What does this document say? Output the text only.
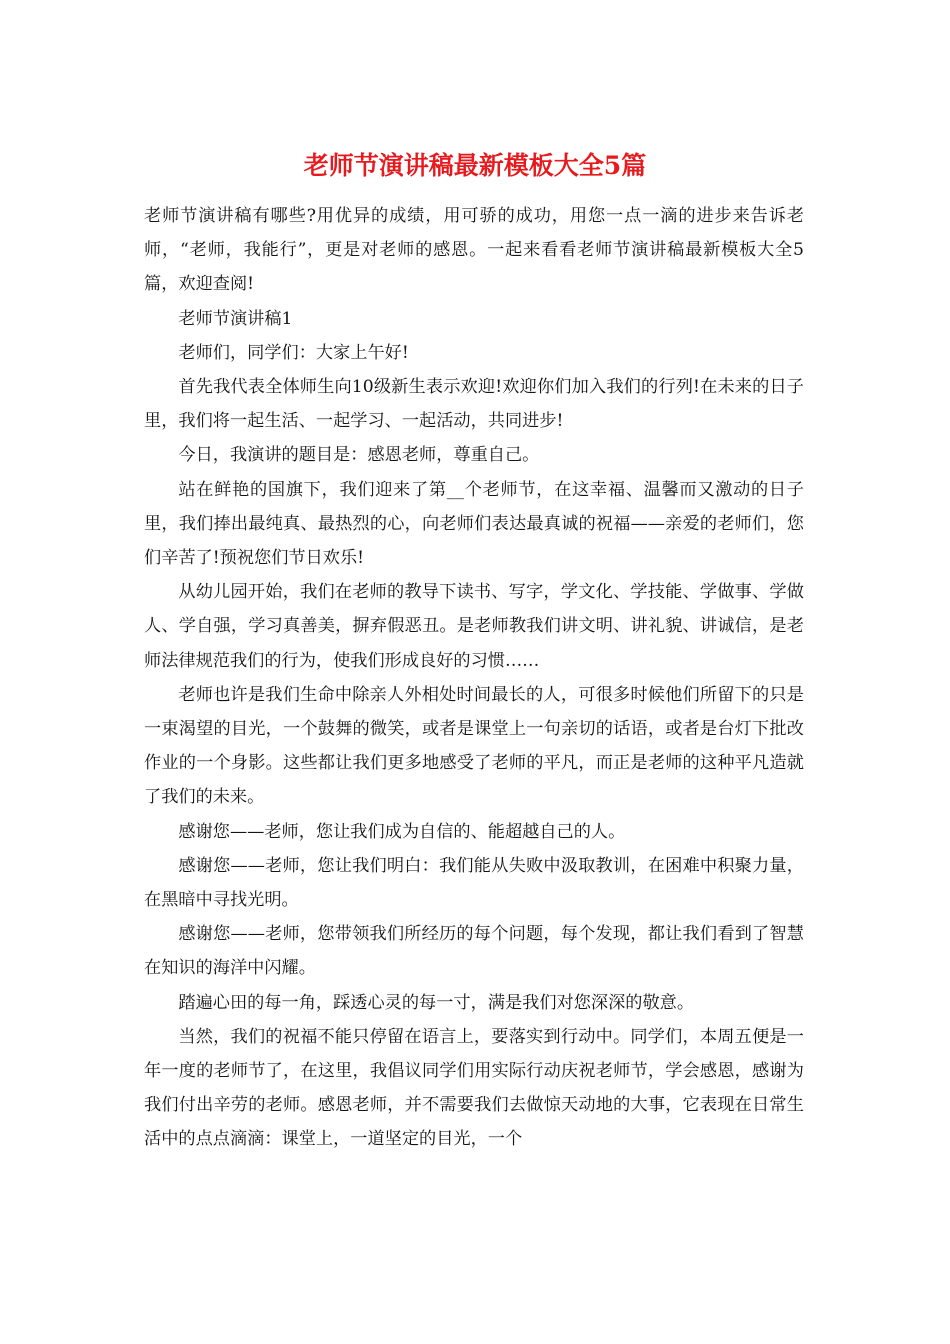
老师节演讲稿最新模板大全5篇

老师节演讲稿有哪些?用优异的成绩，用可骄的成功，用您一点一滴的进步来告诉老师，“老师，我能行”，更是对老师的感恩。一起来看看老师节演讲稿最新模板大全5篇，欢迎查阅!

老师节演讲稿1

老师们，同学们：大家上午好!

首先我代表全体师生向10级新生表示欢迎!欢迎你们加入我们的行列!在未来的日子里，我们将一起生活、一起学习、一起活动，共同进步!

今日，我演讲的题目是：感恩老师，尊重自己。

站在鲜艳的国旗下，我们迎来了第__个老师节，在这幸福、温馨而又激动的日子里，我们捧出最纯真、最热烈的心，向老师们表达最真诚的祝福——亲爱的老师们，您们辛苦了!预祝您们节日欢乐!

从幼儿园开始，我们在老师的教导下读书、写字，学文化、学技能、学做事、学做人、学自强，学习真善美，摒弃假恶丑。是老师教我们讲文明、讲礼貌、讲诚信，是老师法律规范我们的行为，使我们形成良好的习惯……

老师也许是我们生命中除亲人外相处时间最长的人，可很多时候他们所留下的只是一束渴望的目光，一个鼓舞的微笑，或者是课堂上一句亲切的话语，或者是台灯下批改作业的一个身影。这些都让我们更多地感受了老师的平凡，而正是老师的这种平凡造就了我们的未来。

感谢您——老师，您让我们成为自信的、能超越自己的人。

感谢您——老师，您让我们明白：我们能从失败中汲取教训，在困难中积聚力量，在黑暗中寻找光明。

感谢您——老师，您带领我们所经历的每个问题，每个发现，都让我们看到了智慧在知识的海洋中闪耀。

踏遍心田的每一角，踩透心灵的每一寸，满是我们对您深深的敬意。

当然，我们的祝福不能只停留在语言上，要落实到行动中。同学们，本周五便是一年一度的老师节了，在这里，我倡议同学们用实际行动庆祝老师节，学会感恩，感谢为我们付出辛劳的老师。感恩老师，并不需要我们去做惊天动地的大事，它表现在日常生活中的点点滴滴：课堂上，一道坚定的目光，一个
